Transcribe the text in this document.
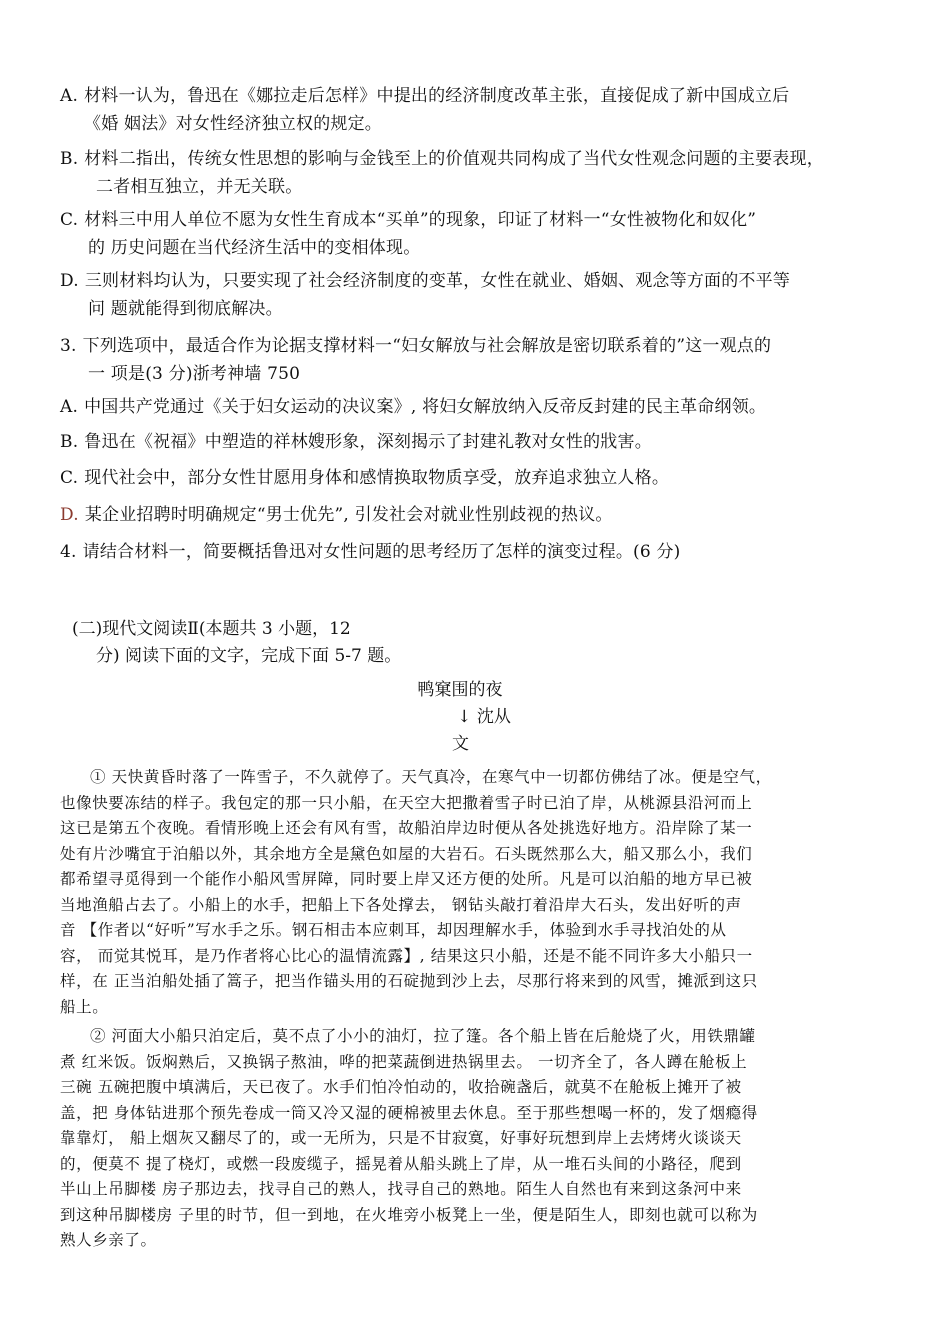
A. 材料一认为，鲁迅在《娜拉走后怎样》中提出的经济制度改革主张，直接促成了新中国成立后
《婚 姻法》对女性经济独立权的规定。
B. 材料二指出，传统女性思想的影响与金钱至上的价值观共同构成了当代女性观念问题的主要表现，
二者相互独立，并无关联。
C. 材料三中用人单位不愿为女性生育成本“买单”的现象，印证了材料一“女性被物化和奴化”
的 历史问题在当代经济生活中的变相体现。
D. 三则材料均认为，只要实现了社会经济制度的变革，女性在就业、婚姻、观念等方面的不平等
问 题就能得到彻底解决。
3. 下列选项中，最适合作为论据支撑材料一“妇女解放与社会解放是密切联系着的”这一观点的
一 项是(3 分)浙考神墙 750
A. 中国共产党通过《关于妇女运动的决议案》, 将妇女解放纳入反帝反封建的民主革命纲领。
B. 鲁迅在《祝福》中塑造的祥林嫂形象，深刻揭示了封建礼教对女性的戕害。
C. 现代社会中，部分女性甘愿用身体和感情换取物质享受，放弃追求独立人格。
D. 某企业招聘时明确规定“男士优先”, 引发社会对就业性别歧视的热议。
4. 请结合材料一，简要概括鲁迅对女性问题的思考经历了怎样的演变过程。(6 分)
(二)现代文阅读Ⅱ(本题共 3 小题，12
分) 阅读下面的文字，完成下面 5-7 题。
鸭窠围的夜
↓ 沈从
文
① 天快黄昏时落了一阵雪子，不久就停了。天气真冷，在寒气中一切都仿佛结了冰。便是空气，
也像快要冻结的样子。我包定的那一只小船，在天空大把撒着雪子时已泊了岸，从桃源县沿河而上
这已是第五个夜晚。看情形晚上还会有风有雪，故船泊岸边时便从各处挑选好地方。沿岸除了某一
处有片沙嘴宜于泊船以外，其余地方全是黛色如屋的大岩石。石头既然那么大，船又那么小，我们
都希望寻觅得到一个能作小船风雪屏障，同时要上岸又还方便的处所。凡是可以泊船的地方早已被
当地渔船占去了。小船上的水手，把船上下各处撑去， 钢钻头敲打着沿岸大石头，发出好听的声
音 【作者以“好听”写水手之乐。钢石相击本应刺耳，却因理解水手，体验到水手寻找泊处的从
容， 而觉其悦耳，是乃作者将心比心的温情流露】, 结果这只小船，还是不能不同许多大小船只一
样，在 正当泊船处插了篙子，把当作锚头用的石碇抛到沙上去，尽那行将来到的风雪，摊派到这只
船上。
② 河面大小船只泊定后，莫不点了小小的油灯，拉了篷。各个船上皆在后舱烧了火，用铁鼎罐
煮 红米饭。饭焖熟后，又换锅子熬油，哗的把菜蔬倒进热锅里去。 一切齐全了，各人蹲在舱板上
三碗 五碗把腹中填满后，天已夜了。水手们怕冷怕动的，收拾碗盏后，就莫不在舱板上摊开了被
盖，把 身体钻进那个预先卷成一筒又冷又湿的硬棉被里去休息。至于那些想喝一杯的，发了烟瘾得
靠靠灯， 船上烟灰又翻尽了的，或一无所为，只是不甘寂寞，好事好玩想到岸上去烤烤火谈谈天
的，便莫不 提了桡灯，或燃一段废缆子，摇晃着从船头跳上了岸，从一堆石头间的小路径，爬到
半山上吊脚楼 房子那边去，找寻自己的熟人，找寻自己的熟地。陌生人自然也有来到这条河中来
到这种吊脚楼房 子里的时节，但一到地，在火堆旁小板凳上一坐，便是陌生人，即刻也就可以称为
熟人乡亲了。
